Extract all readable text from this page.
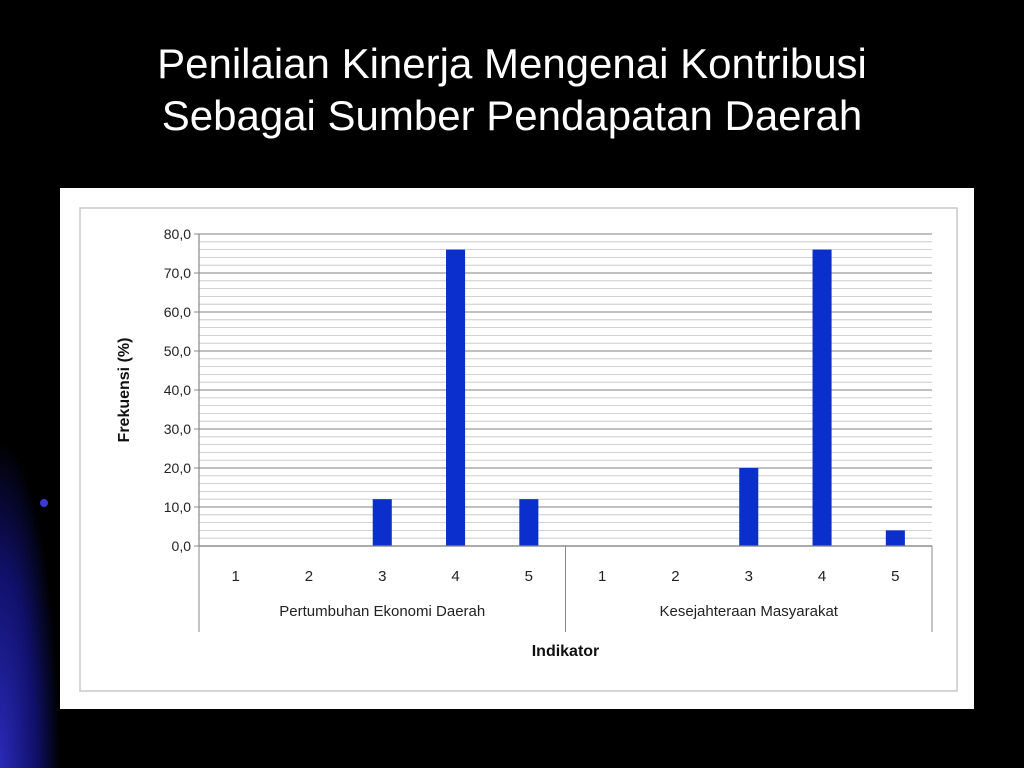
Penilaian Kinerja Mengenai Kontribusi
Sebagai Sumber Pendapatan Daerah
0,0
10,0
20,0
30,0
40,0
50,0
60,0
70,0
80,0
1	2	3	4	5
Pertumbuhan Ekonomi Daerah
1	2	3	4	5
Kesejahteraan Masyarakat
Indikator
Frekuensi (%)
